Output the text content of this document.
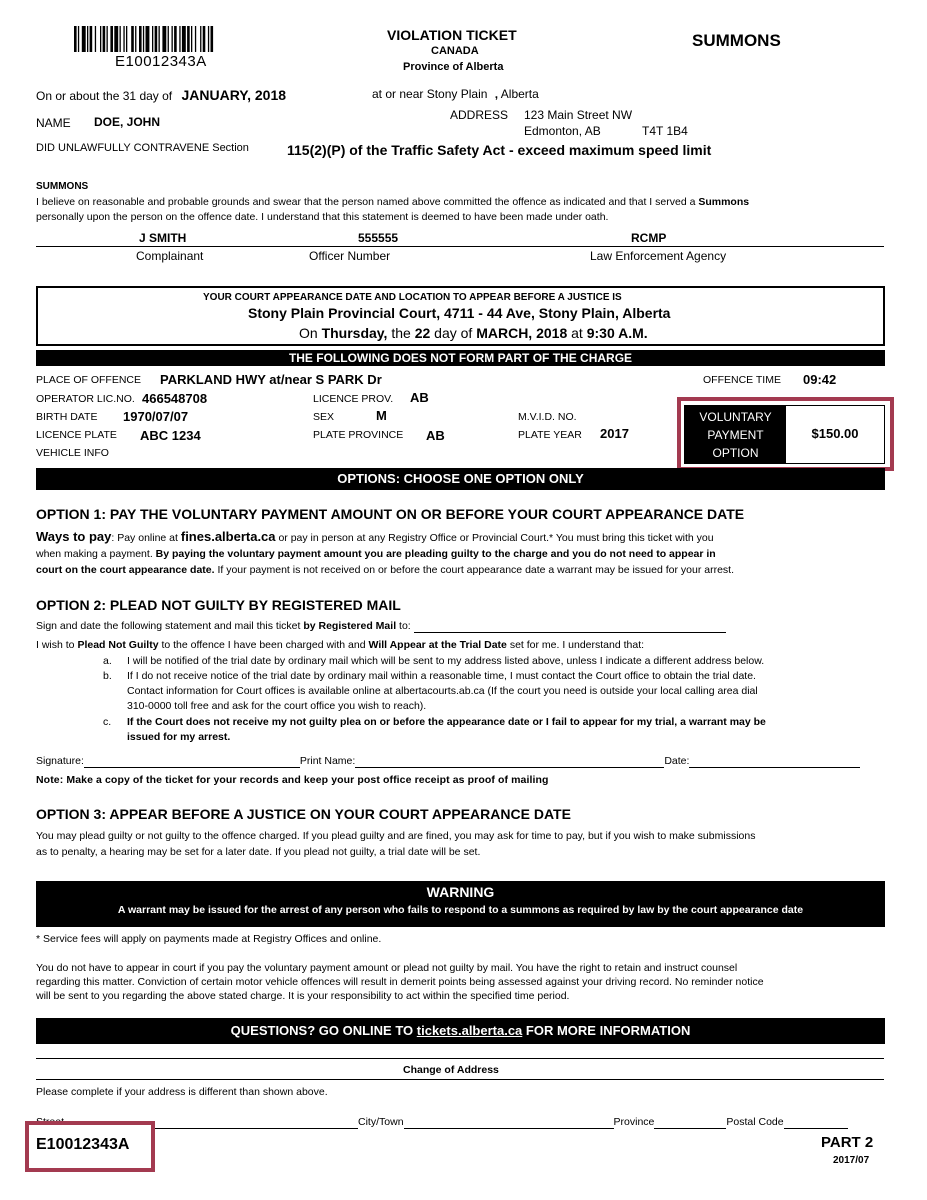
E10012343A
VIOLATION TICKET
CANADA
Province of Alberta
SUMMONS
On or about the 31 day of JANUARY, 2018	at or near Stony Plain , Alberta
NAME DOE, JOHN	ADDRESS 123 Main Street NW
Edmonton, AB	T4T 1B4
DID UNLAWFULLY CONTRAVENE Section	115(2)(P) of the Traffic Safety Act - exceed maximum speed limit
SUMMONS
I believe on reasonable and probable grounds and swear that the person named above committed the offence as indicated and that I served a Summons
personally upon the person on the offence date. I understand that this statement is deemed to have been made under oath.
J SMITH	555555	RCMP
Complainant	Officer Number	Law Enforcement Agency
YOUR COURT APPEARANCE DATE AND LOCATION TO APPEAR BEFORE A JUSTICE IS
Stony Plain Provincial Court, 4711 - 44 Ave, Stony Plain, Alberta
On Thursday, the 22 day of MARCH, 2018 at 9:30 A.M.
THE FOLLOWING DOES NOT FORM PART OF THE CHARGE
PLACE OF OFFENCE PARKLAND HWY at/near S PARK Dr	OFFENCE TIME 09:42
OPERATOR LIC.NO. 466548708	LICENCE PROV. AB
BIRTH DATE 1970/07/07	SEX	M	M.V.I.D. NO.
LICENCE PLATE ABC 1234	PLATE PROVINCE AB	PLATE YEAR 2017
VEHICLE INFO
VOLUNTARY
PAYMENT
OPTION
$150.00
OPTIONS: CHOOSE ONE OPTION ONLY
OPTION 1: PAY THE VOLUNTARY PAYMENT AMOUNT ON OR BEFORE YOUR COURT APPEARANCE DATE
Ways to pay: Pay online at fines.alberta.ca or pay in person at any Registry Office or Provincial Court.* You must bring this ticket with you
when making a payment. By paying the voluntary payment amount you are pleading guilty to the charge and you do not need to appear in
court on the court appearance date. If your payment is not received on or before the court appearance date a warrant may be issued for your arrest.
OPTION 2: PLEAD NOT GUILTY BY REGISTERED MAIL
Sign and date the following statement and mail this ticket by Registered Mail to:
I wish to Plead Not Guilty to the offence I have been charged with and Will Appear at the Trial Date set for me. I understand that:
a. I will be notified of the trial date by ordinary mail which will be sent to my address listed above, unless I indicate a different address below.
b. If I do not receive notice of the trial date by ordinary mail within a reasonable time, I must contact the Court office to obtain the trial date.
Contact information for Court offices is available online at albertacourts.ab.ca (If the court you need is outside your local calling area dial
310-0000 toll free and ask for the court office you wish to reach).
c. If the Court does not receive my not guilty plea on or before the appearance date or I fail to appear for my trial, a warrant may be
issued for my arrest.
Signature:	Print Name:	Date:
Note: Make a copy of the ticket for your records and keep your post office receipt as proof of mailing
OPTION 3: APPEAR BEFORE A JUSTICE ON YOUR COURT APPEARANCE DATE
You may plead guilty or not guilty to the offence charged. If you plead guilty and are fined, you may ask for time to pay, but if you wish to make submissions
as to penalty, a hearing may be set for a later date. If you plead not guilty, a trial date will be set.
WARNING
A warrant may be issued for the arrest of any person who fails to respond to a summons as required by law by the court appearance date
* Service fees will apply on payments made at Registry Offices and online.
You do not have to appear in court if you pay the voluntary payment amount or plead not guilty by mail. You have the right to retain and instruct counsel
regarding this matter. Conviction of certain motor vehicle offences will result in demerit points being assessed against your driving record. No reminder notice
will be sent to you regarding the above stated charge. It is your responsibility to act within the specified time period.
QUESTIONS? GO ONLINE TO tickets.alberta.ca FOR MORE INFORMATION
Change of Address
Please complete if your address is different than shown above.
City/Town	Province	Postal Code
E10012343A	PART 2
2017/07
